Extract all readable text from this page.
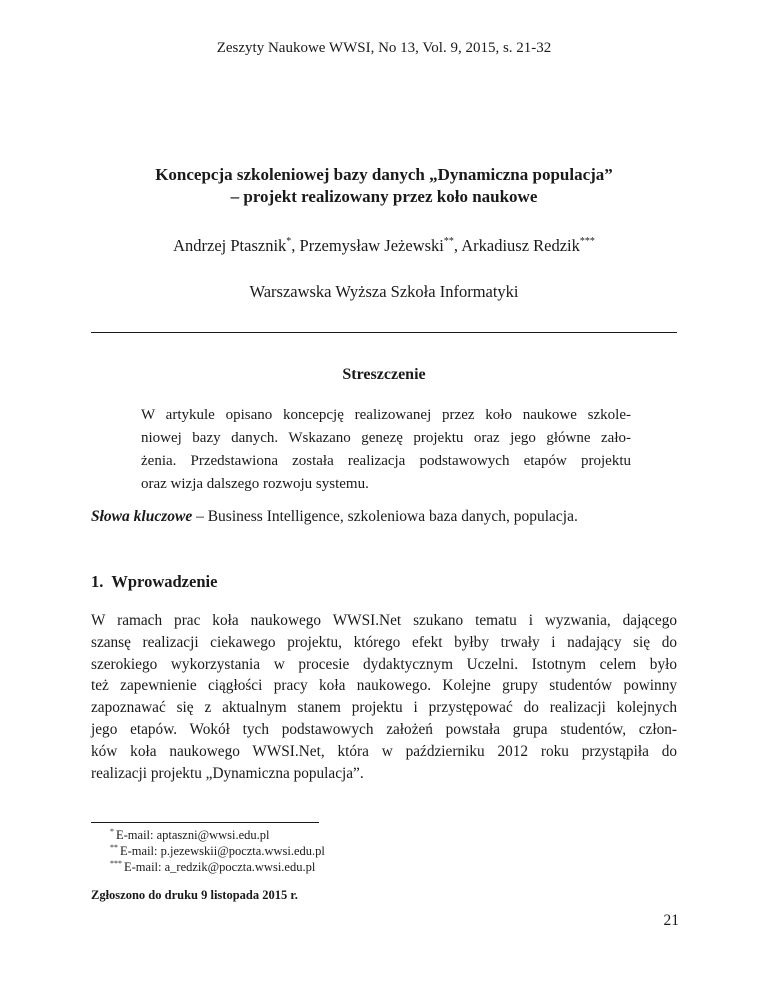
Zeszyty Naukowe WWSI, No 13, Vol. 9, 2015, s. 21-32
Koncepcja szkoleniowej bazy danych „Dynamiczna populacja”
– projekt realizowany przez koło naukowe
Andrzej Ptasznik*, Przemysław Jeżewski**, Arkadiusz Redzik***
Warszawska Wyższa Szkoła Informatyki
Streszczenie
W artykule opisano koncepcję realizowanej przez koło naukowe szkole-
niowej bazy danych. Wskazano genezę projektu oraz jego główne zało-
żenia. Przedstawiona została realizacja podstawowych etapów projektu
oraz wizja dalszego rozwoju systemu.
Słowa kluczowe – Business Intelligence, szkoleniowa baza danych, populacja.
1. Wprowadzenie
W ramach prac koła naukowego WWSI.Net szukano tematu i wyzwania, dającego
szansę realizacji ciekawego projektu, którego efekt byłby trwały i nadający się do
szerokiego wykorzystania w procesie dydaktycznym Uczelni. Istotnym celem było
też zapewnienie ciągłości pracy koła naukowego. Kolejne grupy studentów powinny
zapoznawać się z aktualnym stanem projektu i przystępować do realizacji kolejnych
jego etapów. Wokół tych podstawowych założeń powstała grupa studentów, człon-
ków koła naukowego WWSI.Net, która w październiku 2012 roku przystąpiła do
realizacji projektu „Dynamiczna populacja”.
* E-mail: aptaszni@wwsi.edu.pl
** E-mail: p.jezewskii@poczta.wwsi.edu.pl
*** E-mail: a_redzik@poczta.wwsi.edu.pl
Zgłoszono do druku 9 listopada 2015 r.
21
